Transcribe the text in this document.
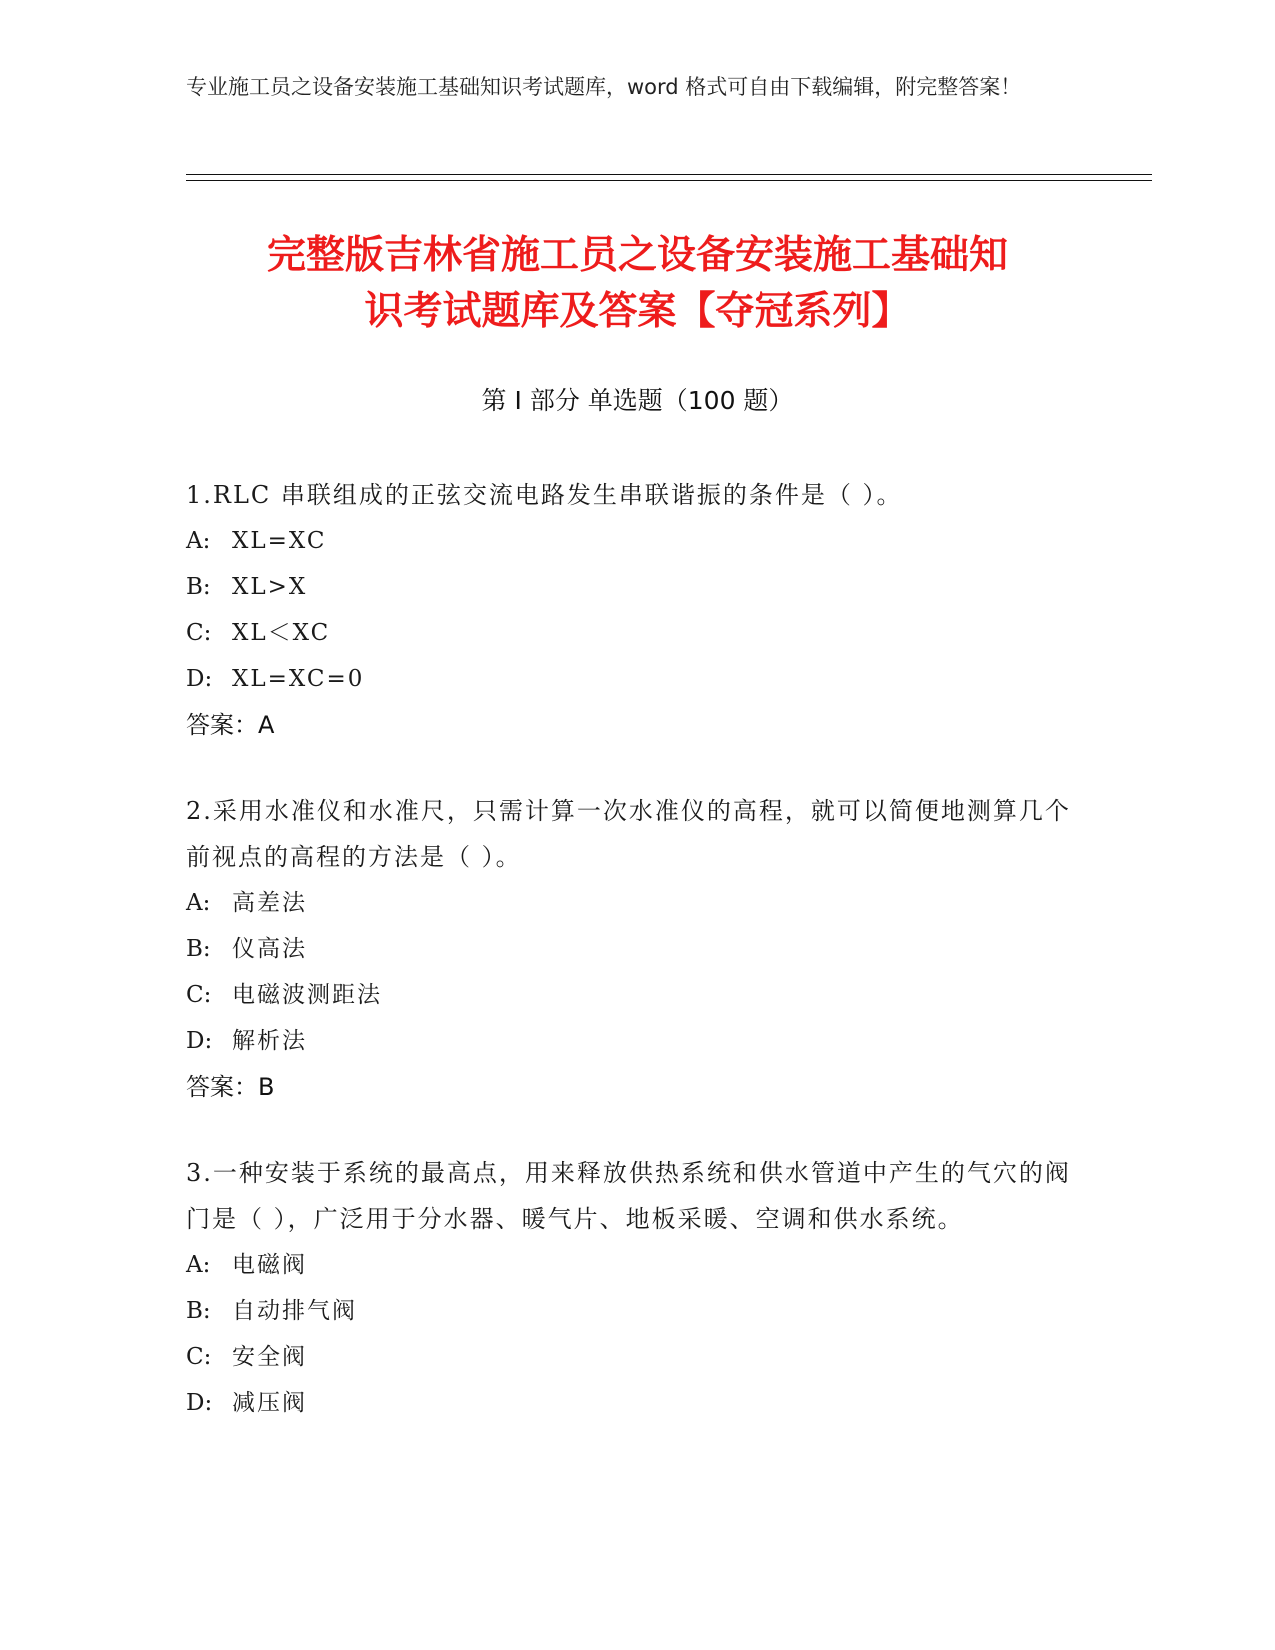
专业施工员之设备安装施工基础知识考试题库，word 格式可自由下载编辑，附完整答案！
完整版吉林省施工员之设备安装施工基础知
识考试题库及答案【夺冠系列】
第 I 部分 单选题（100 题）
1.RLC 串联组成的正弦交流电路发生串联谐振的条件是（ ）。
A: XL=XC
B: XL>X
C: XL＜XC
D: XL=XC=0
答案：A
2.采用水准仪和水准尺，只需计算一次水准仪的高程，就可以简便地测算几个前视点的高程的方法是（ ）。
A: 高差法
B: 仪高法
C: 电磁波测距法
D: 解析法
答案：B
3.一种安装于系统的最高点，用来释放供热系统和供水管道中产生的气穴的阀门是（ ），广泛用于分水器、暖气片、地板采暖、空调和供水系统。
A: 电磁阀
B: 自动排气阀
C: 安全阀
D: 减压阀
